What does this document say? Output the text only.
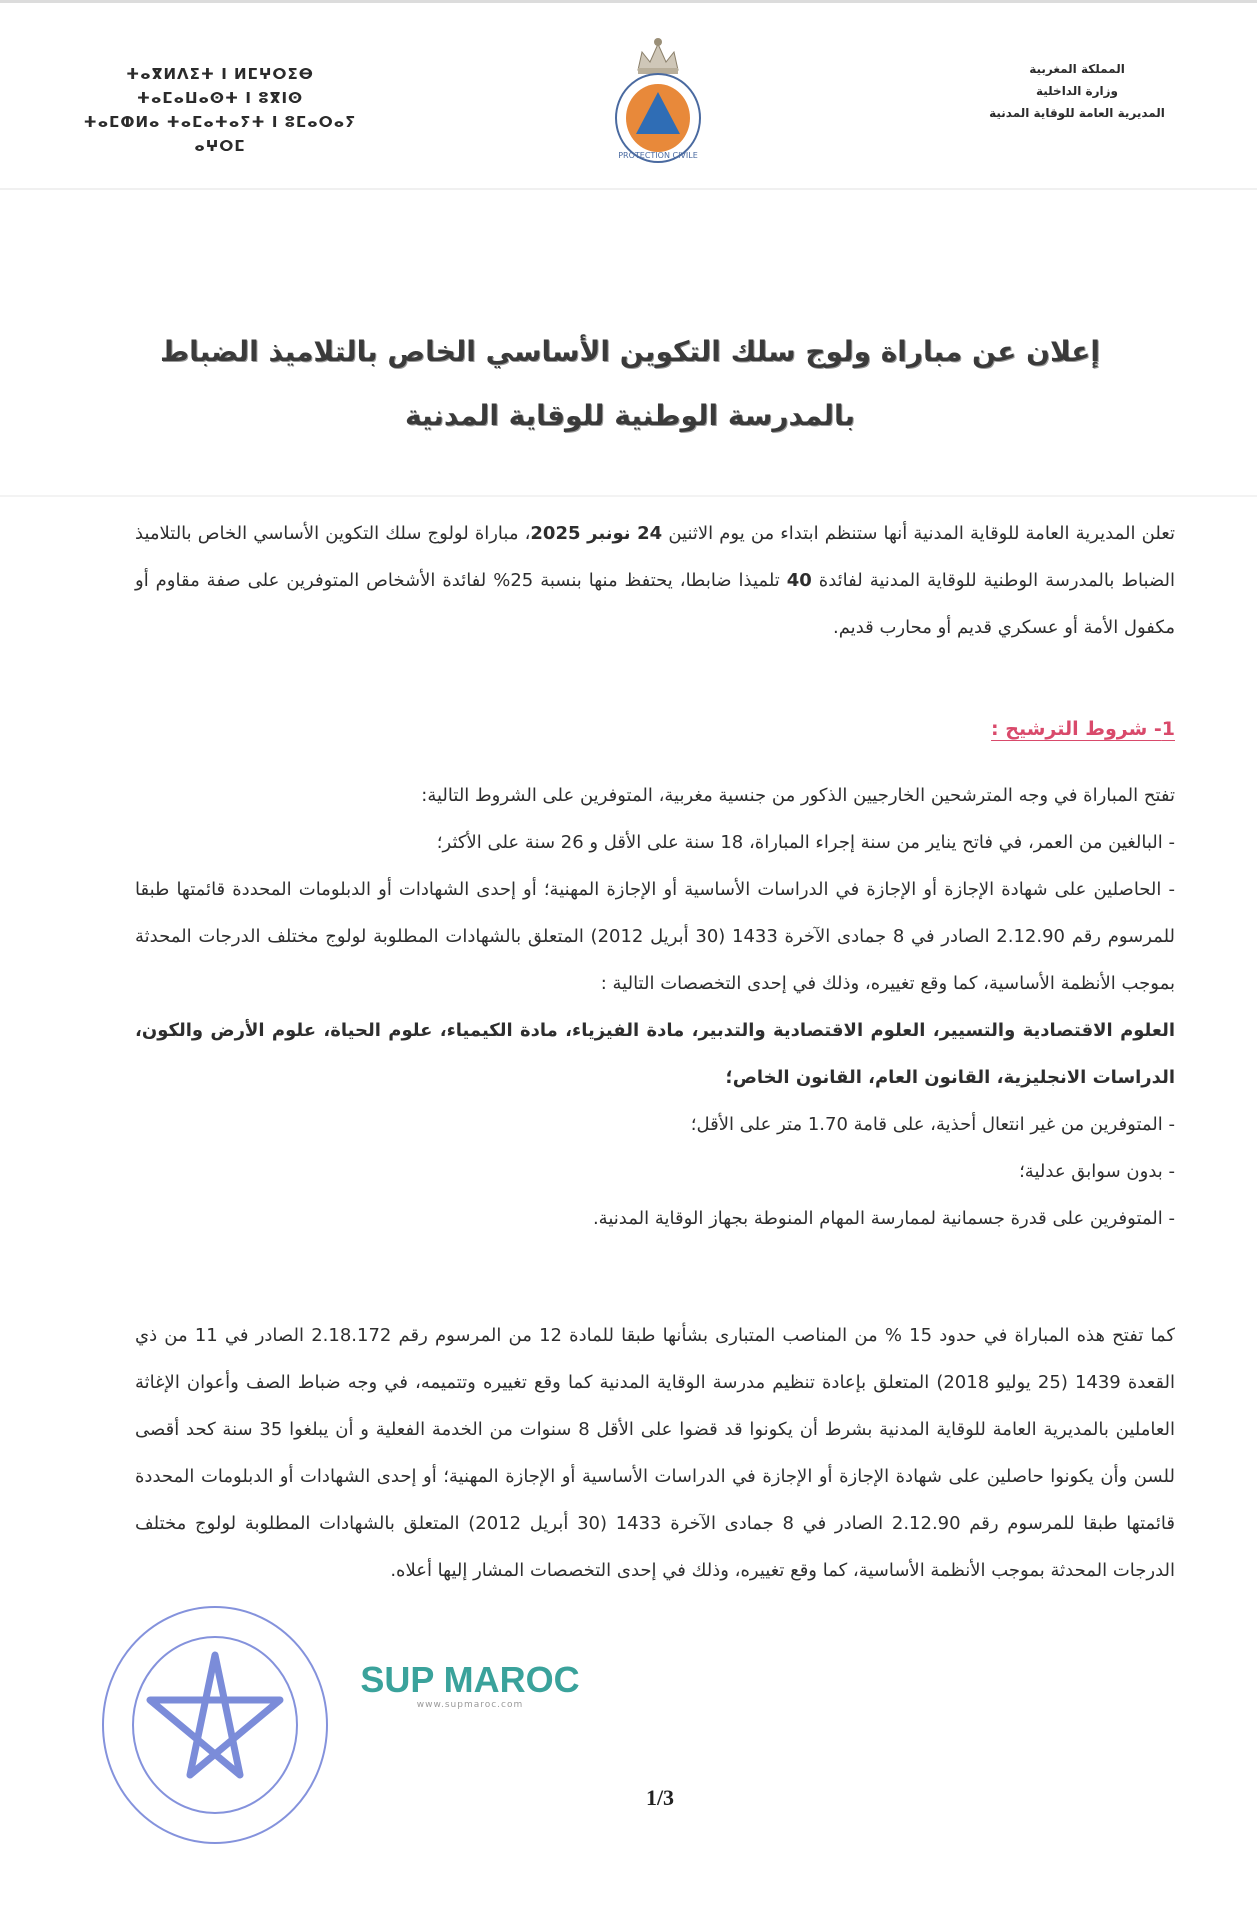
ⵜⴰⴳⵍⴷⵉⵜ ⵏ ⵍⵎⵖⵔⵉⴱ
ⵜⴰⵎⴰⵡⴰⵙⵜ ⵏ ⵓⴳⵏⵙ
ⵜⴰⵎⵀⵍⴰ ⵜⴰⵎⴰⵜⴰⵢⵜ ⵏ ⵓⵎⴰⵔⴰⵢ ⴰⵖⵔⵎ
PROTECTION CIVILE
المملكة المغربية
وزارة الداخلية
المديرية العامة للوقاية المدنية
إعلان عن مباراة ولوج سلك التكوين الأساسي الخاص بالتلاميذ الضباط
بالمدرسة الوطنية للوقاية المدنية
تعلن المديرية العامة للوقاية المدنية أنها ستنظم ابتداء من يوم الاثنين 24 نونبر 2025، مباراة لولوج سلك التكوين الأساسي الخاص بالتلاميذ الضباط بالمدرسة الوطنية للوقاية المدنية لفائدة 40 تلميذا ضابطا، يحتفظ منها بنسبة 25% لفائدة الأشخاص المتوفرين على صفة مقاوم أو مكفول الأمة أو عسكري قديم أو محارب قديم.
1- شروط الترشيح :
تفتح المباراة في وجه المترشحين الخارجيين الذكور من جنسية مغربية، المتوفرين على الشروط التالية:
- البالغين من العمر، في فاتح يناير من سنة إجراء المباراة، 18 سنة على الأقل و 26 سنة على الأكثر؛
- الحاصلين على شهادة الإجازة أو الإجازة في الدراسات الأساسية أو الإجازة المهنية؛ أو إحدى الشهادات أو الدبلومات المحددة قائمتها طبقا للمرسوم رقم 2.12.90 الصادر في 8 جمادى الآخرة 1433 (30 أبريل 2012) المتعلق بالشهادات المطلوبة لولوج مختلف الدرجات المحدثة بموجب الأنظمة الأساسية، كما وقع تغييره، وذلك في إحدى التخصصات التالية :
العلوم الاقتصادية والتسيير، العلوم الاقتصادية والتدبير، مادة الفيزياء، مادة الكيمياء، علوم الحياة، علوم الأرض والكون، الدراسات الانجليزية، القانون العام، القانون الخاص؛
- المتوفرين من غير انتعال أحذية، على قامة 1.70 متر على الأقل؛
- بدون سوابق عدلية؛
- المتوفرين على قدرة جسمانية لممارسة المهام المنوطة بجهاز الوقاية المدنية.
كما تفتح هذه المباراة في حدود 15 % من المناصب المتبارى بشأنها طبقا للمادة 12 من المرسوم رقم 2.18.172 الصادر في 11 من ذي القعدة 1439 (25 يوليو 2018) المتعلق بإعادة تنظيم مدرسة الوقاية المدنية كما وقع تغييره وتتميمه، في وجه ضباط الصف وأعوان الإغاثة العاملين بالمديرية العامة للوقاية المدنية بشرط أن يكونوا قد قضوا على الأقل 8 سنوات من الخدمة الفعلية و أن يبلغوا 35 سنة كحد أقصى للسن وأن يكونوا حاصلين على شهادة الإجازة أو الإجازة في الدراسات الأساسية أو الإجازة المهنية؛ أو إحدى الشهادات أو الدبلومات المحددة قائمتها طبقا للمرسوم رقم 2.12.90 الصادر في 8 جمادى الآخرة 1433 (30 أبريل 2012) المتعلق بالشهادات المطلوبة لولوج مختلف الدرجات المحدثة بموجب الأنظمة الأساسية، كما وقع تغييره، وذلك في إحدى التخصصات المشار إليها أعلاه.
SUP MAROC
www.supmaroc.com
1/3
